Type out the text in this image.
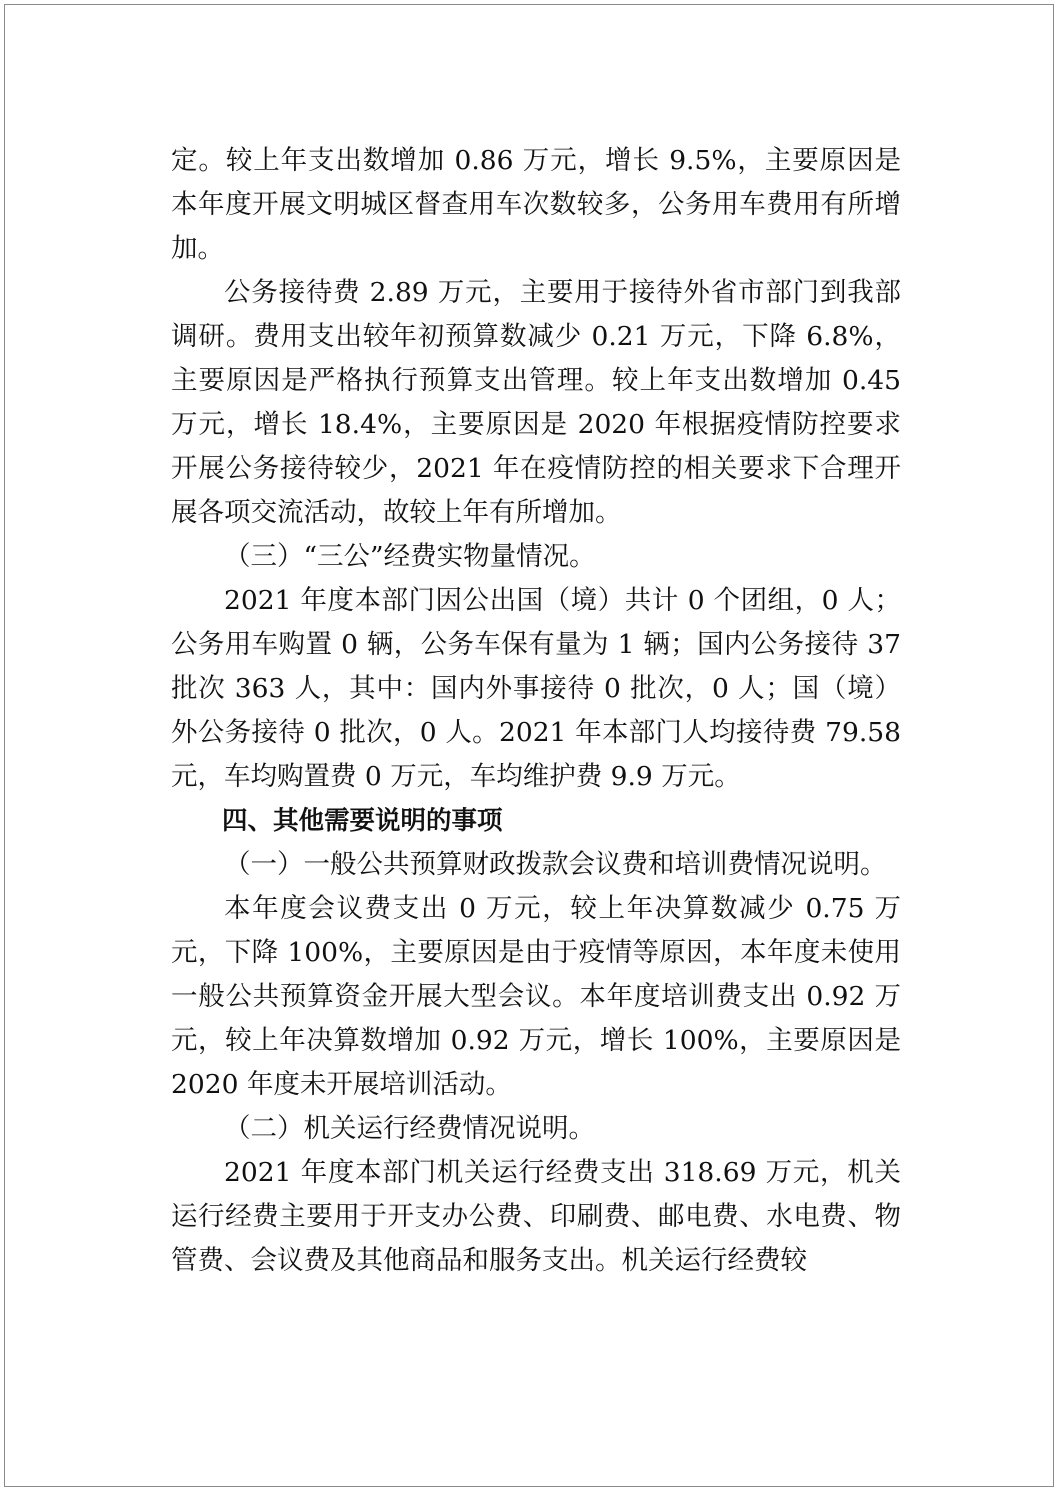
定。较上年支出数增加 0.86 万元，增长 9.5%，主要原因是本年度开展文明城区督查用车次数较多，公务用车费用有所增加。

公务接待费 2.89 万元，主要用于接待外省市部门到我部调研。费用支出较年初预算数减少 0.21 万元，下降 6.8%，主要原因是严格执行预算支出管理。较上年支出数增加 0.45 万元，增长 18.4%，主要原因是 2020 年根据疫情防控要求开展公务接待较少，2021 年在疫情防控的相关要求下合理开展各项交流活动，故较上年有所增加。

（三）“三公”经费实物量情况。

2021 年度本部门因公出国（境）共计 0 个团组，0 人；公务用车购置 0 辆，公务车保有量为 1 辆；国内公务接待 37 批次 363 人，其中：国内外事接待 0 批次，0 人；国（境）外公务接待 0 批次，0 人。2021 年本部门人均接待费 79.58 元，车均购置费 0 万元，车均维护费 9.9 万元。

四、其他需要说明的事项

（一）一般公共预算财政拨款会议费和培训费情况说明。

本年度会议费支出 0 万元，较上年决算数减少 0.75 万元，下降 100%，主要原因是由于疫情等原因，本年度未使用一般公共预算资金开展大型会议。本年度培训费支出 0.92 万元，较上年决算数增加 0.92 万元，增长 100%，主要原因是 2020 年度未开展培训活动。

（二）机关运行经费情况说明。

2021 年度本部门机关运行经费支出 318.69 万元，机关运行经费主要用于开支办公费、印刷费、邮电费、水电费、物管费、会议费及其他商品和服务支出。机关运行经费较
